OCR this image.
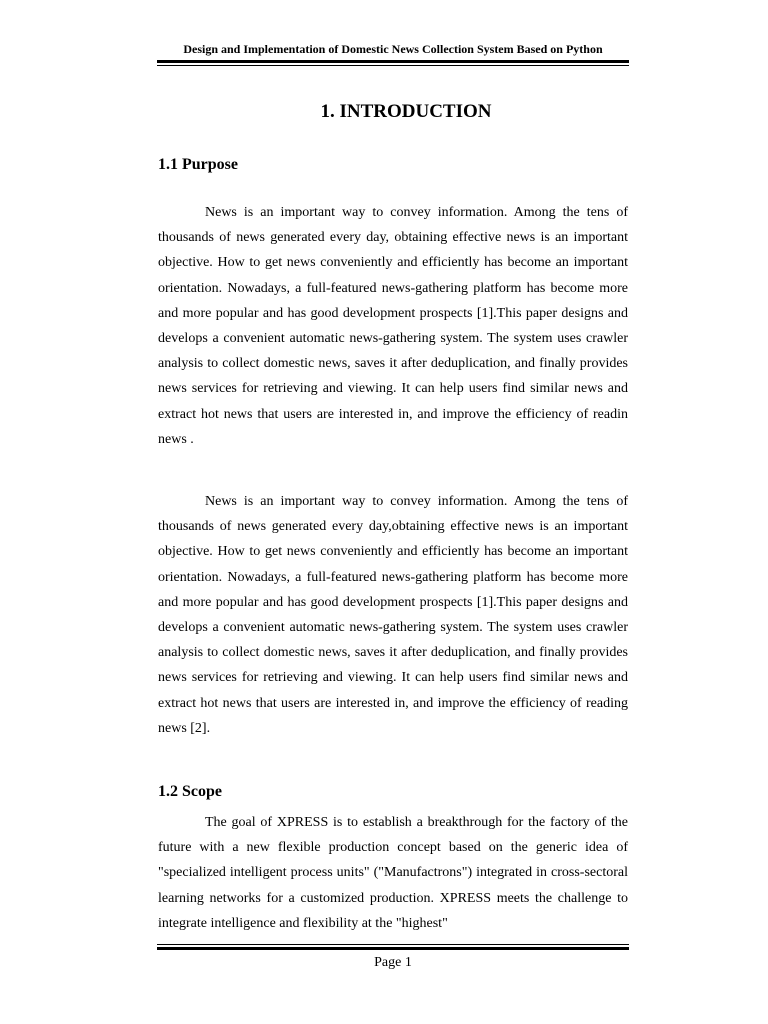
Design and Implementation of Domestic News Collection System Based on Python
1. INTRODUCTION
1.1 Purpose

News is an important way to convey information. Among the tens of thousands of news generated every day, obtaining effective news is an important objective. How to get news conveniently and efficiently has become an important orientation. Nowadays, a full-featured news-gathering platform has become more and more popular and has good development prospects [1].This paper designs and develops a convenient automatic news-gathering system. The system uses crawler analysis to collect domestic news, saves it after deduplication, and finally provides news services for retrieving and viewing. It can help users find similar news and extract hot news that users are interested in, and improve the efficiency of readin news .

News is an important way to convey information. Among the tens of thousands of news generated every day,obtaining effective news is an important objective. How to get news conveniently and efficiently has become an important orientation. Nowadays, a full-featured news-gathering platform has become more and more popular and has good development prospects [1].This paper designs and develops a convenient automatic news-gathering system. The system uses crawler analysis to collect domestic news, saves it after deduplication, and finally provides news services for retrieving and viewing. It can help users find similar news and extract hot news that users are interested in, and improve the efficiency of reading news [2].

1.2 Scope

The goal of XPRESS is to establish a breakthrough for the factory of the future with a new flexible production concept based on the generic idea of "specialized intelligent process units" ("Manufactrons") integrated in cross-sectoral learning networks for a customized production. XPRESS meets the challenge to integrate intelligence and flexibility at the "highest"

Page 1
